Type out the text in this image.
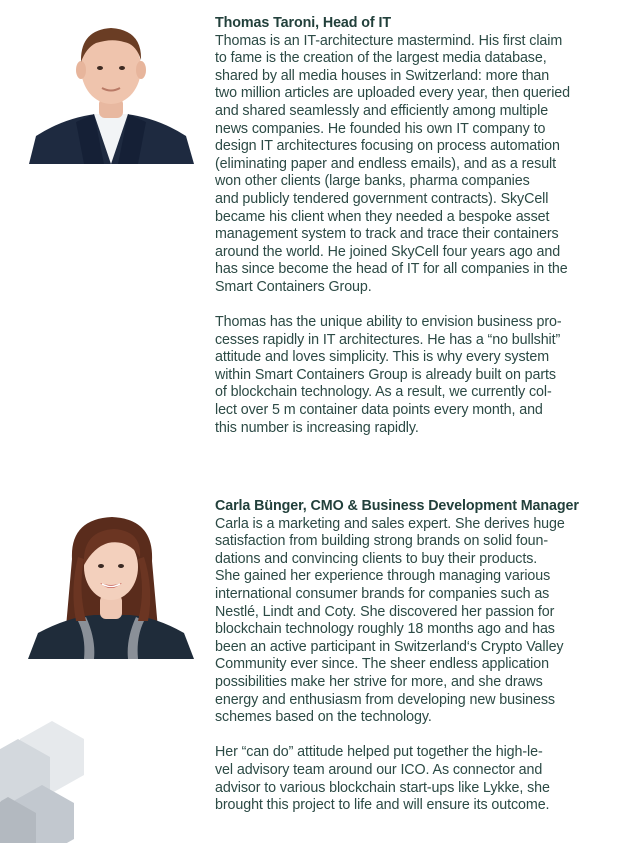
Thomas Taroni, Head of IT
Thomas is an IT-architecture mastermind. His first claim
to fame is the creation of the largest media database,
shared by all media houses in Switzerland: more than
two million articles are uploaded every year, then queried
and shared seamlessly and efficiently among multiple
news companies. He founded his own IT company to
design IT architectures focusing on process automation
(eliminating paper and endless emails), and as a result
won other clients (large banks, pharma companies
and publicly tendered government contracts). SkyCell
became his client when they needed a bespoke asset
management system to track and trace their containers
around the world. He joined SkyCell four years ago and
has since become the head of IT for all companies in the
Smart Containers Group.
Thomas has the unique ability to envision business pro-
cesses rapidly in IT architectures. He has a “no bullshit”
attitude and loves simplicity. This is why every system
within Smart Containers Group is already built on parts
of blockchain technology. As a result, we currently col-
lect over 5 m container data points every month, and
this number is increasing rapidly.
Carla Bünger, CMO & Business Development Manager
Carla is a marketing and sales expert. She derives huge
satisfaction from building strong brands on solid foun-
dations and convincing clients to buy their products.
She gained her experience through managing various
international consumer brands for companies such as
Nestlé, Lindt and Coty. She discovered her passion for
blockchain technology roughly 18 months ago and has
been an active participant in Switzerland‘s Crypto Valley
Community ever since. The sheer endless application
possibilities make her strive for more, and she draws
energy and enthusiasm from developing new business
schemes based on the technology.
Her “can do” attitude helped put together the high-le-
vel advisory team around our ICO. As connector and
advisor to various blockchain start-ups like Lykke, she
brought this project to life and will ensure its outcome.
